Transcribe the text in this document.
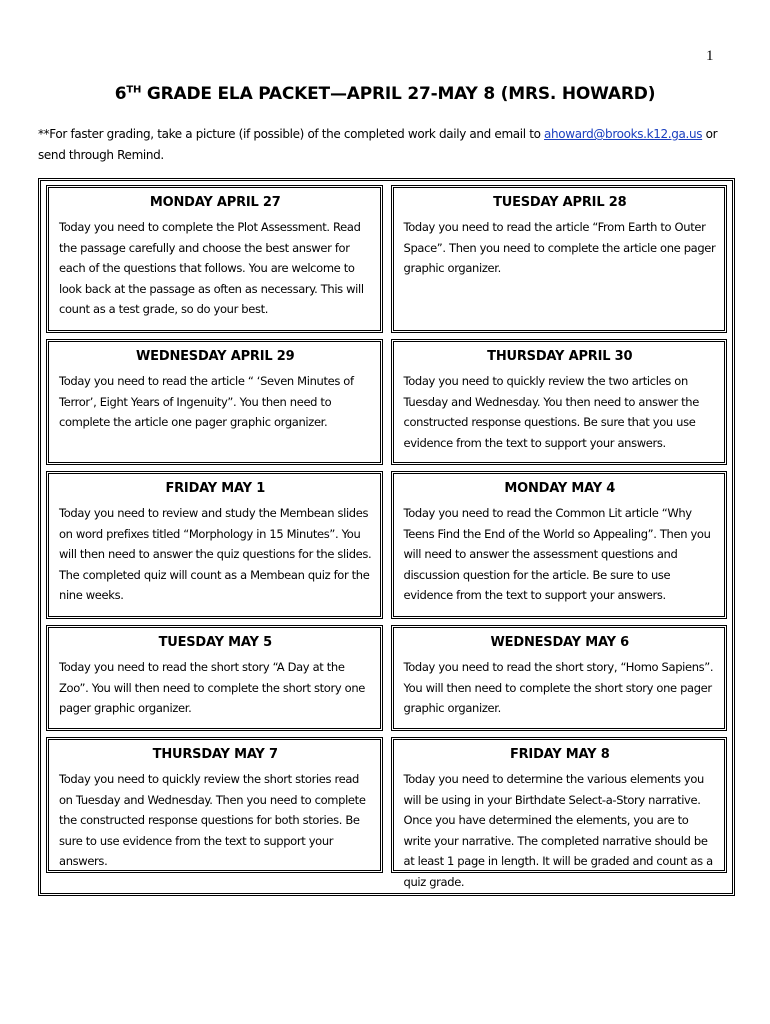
1
6TH GRADE ELA PACKET—APRIL 27-MAY 8 (MRS. HOWARD)
**For faster grading, take a picture (if possible) of the completed work daily and email to ahoward@brooks.k12.ga.us or send through Remind.
MONDAY APRIL 27
Today you need to complete the Plot Assessment. Read the passage carefully and choose the best answer for each of the questions that follows. You are welcome to look back at the passage as often as necessary. This will count as a test grade, so do your best.
TUESDAY APRIL 28
Today you need to read the article “From Earth to Outer Space”. Then you need to complete the article one pager graphic organizer.
WEDNESDAY APRIL 29
Today you need to read the article “ ‘Seven Minutes of Terror’, Eight Years of Ingenuity”. You then need to complete the article one pager graphic organizer.
THURSDAY APRIL 30
Today you need to quickly review the two articles on Tuesday and Wednesday. You then need to answer the constructed response questions. Be sure that you use evidence from the text to support your answers.
FRIDAY MAY 1
Today you need to review and study the Membean slides on word prefixes titled “Morphology in 15 Minutes”. You will then need to answer the quiz questions for the slides. The completed quiz will count as a Membean quiz for the nine weeks.
MONDAY MAY 4
Today you need to read the Common Lit article “Why Teens Find the End of the World so Appealing”. Then you will need to answer the assessment questions and discussion question for the article. Be sure to use evidence from the text to support your answers.
TUESDAY MAY 5
Today you need to read the short story “A Day at the Zoo”. You will then need to complete the short story one pager graphic organizer.
WEDNESDAY MAY 6
Today you need to read the short story, “Homo Sapiens”. You will then need to complete the short story one pager graphic organizer.
THURSDAY MAY 7
Today you need to quickly review the short stories read on Tuesday and Wednesday. Then you need to complete the constructed response questions for both stories. Be sure to use evidence from the text to support your answers.
FRIDAY MAY 8
Today you need to determine the various elements you will be using in your Birthdate Select-a-Story narrative. Once you have determined the elements, you are to write your narrative. The completed narrative should be at least 1 page in length. It will be graded and count as a quiz grade.
